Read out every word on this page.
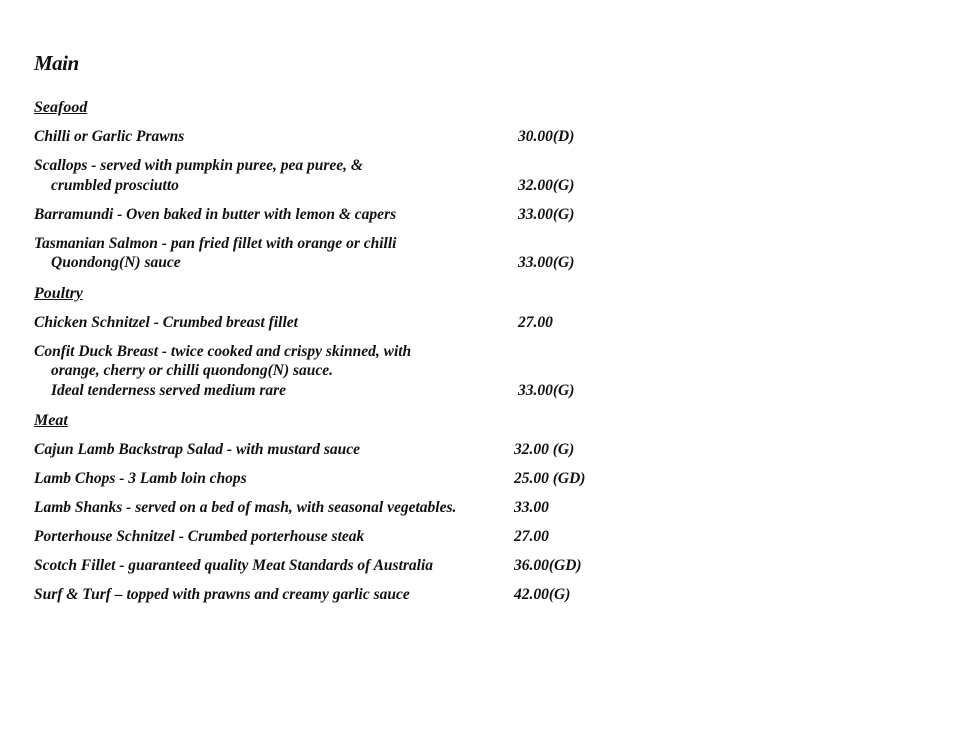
Main
Seafood
Chilli or Garlic Prawns	30.00(D)
Scallops - served with pumpkin puree, pea puree, &
crumbled prosciutto	32.00(G)
Barramundi - Oven baked in butter with lemon & capers	33.00(G)
Tasmanian Salmon - pan fried fillet with orange or chilli
Quondong(N) sauce	33.00(G)
Poultry
Chicken Schnitzel - Crumbed breast fillet	27.00
Confit Duck Breast - twice cooked and crispy skinned, with
orange, cherry or chilli quondong(N) sauce.
Ideal tenderness served medium rare	33.00(G)
Meat
Cajun Lamb Backstrap Salad - with mustard sauce	32.00 (G)
Lamb Chops - 3 Lamb loin chops	25.00 (GD)
Lamb Shanks - served on a bed of mash, with seasonal vegetables.	33.00
Porterhouse Schnitzel - Crumbed porterhouse steak	27.00
Scotch Fillet - guaranteed quality Meat Standards of Australia	36.00(GD)
Surf & Turf – topped with prawns and creamy garlic sauce	42.00(G)
